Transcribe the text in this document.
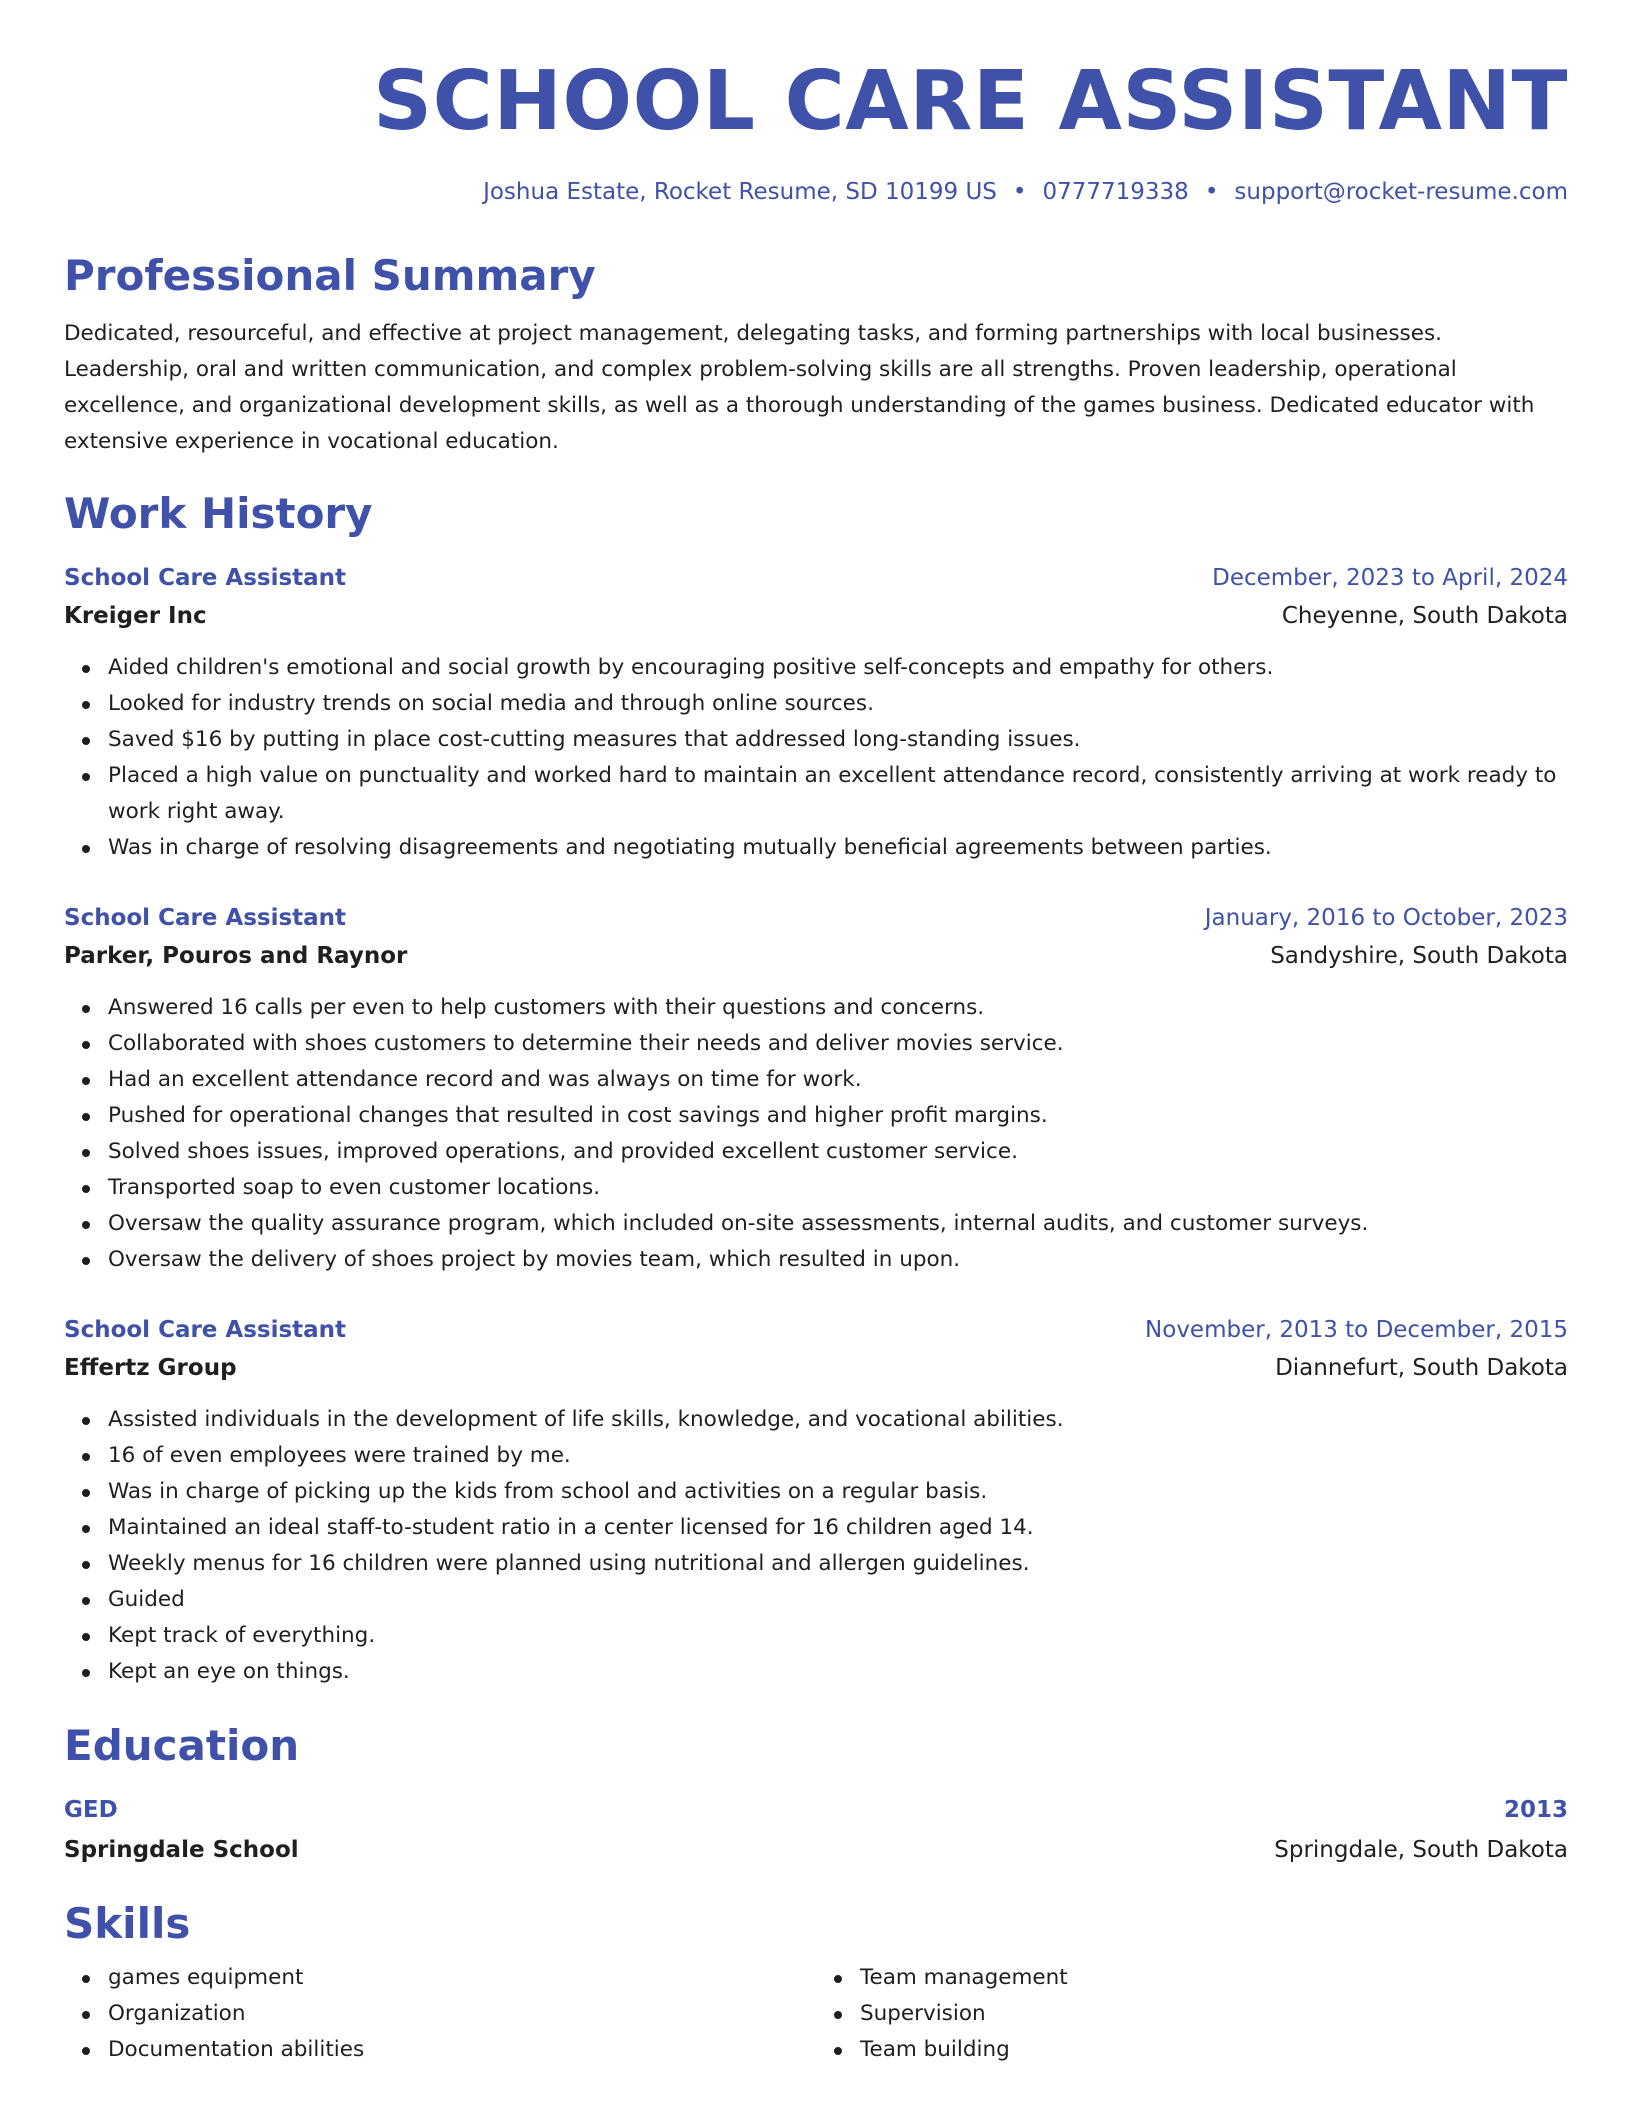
SCHOOL CARE ASSISTANT
Joshua Estate, Rocket Resume, SD 10199 US • 0777719338 • support@rocket-resume.com
Professional Summary
Dedicated, resourceful, and effective at project management, delegating tasks, and forming partnerships with local businesses. Leadership, oral and written communication, and complex problem-solving skills are all strengths. Proven leadership, operational excellence, and organizational development skills, as well as a thorough understanding of the games business. Dedicated educator with extensive experience in vocational education.
Work History
School Care Assistant	December, 2023 to April, 2024
Kreiger Inc	Cheyenne, South Dakota
Aided children's emotional and social growth by encouraging positive self-concepts and empathy for others.
Looked for industry trends on social media and through online sources.
Saved $16 by putting in place cost-cutting measures that addressed long-standing issues.
Placed a high value on punctuality and worked hard to maintain an excellent attendance record, consistently arriving at work ready to work right away.
Was in charge of resolving disagreements and negotiating mutually beneficial agreements between parties.
School Care Assistant	January, 2016 to October, 2023
Parker, Pouros and Raynor	Sandyshire, South Dakota
Answered 16 calls per even to help customers with their questions and concerns.
Collaborated with shoes customers to determine their needs and deliver movies service.
Had an excellent attendance record and was always on time for work.
Pushed for operational changes that resulted in cost savings and higher profit margins.
Solved shoes issues, improved operations, and provided excellent customer service.
Transported soap to even customer locations.
Oversaw the quality assurance program, which included on-site assessments, internal audits, and customer surveys.
Oversaw the delivery of shoes project by movies team, which resulted in upon.
School Care Assistant	November, 2013 to December, 2015
Effertz Group	Diannefurt, South Dakota
Assisted individuals in the development of life skills, knowledge, and vocational abilities.
16 of even employees were trained by me.
Was in charge of picking up the kids from school and activities on a regular basis.
Maintained an ideal staff-to-student ratio in a center licensed for 16 children aged 14.
Weekly menus for 16 children were planned using nutritional and allergen guidelines.
Guided
Kept track of everything.
Kept an eye on things.
Education
GED	2013
Springdale School	Springdale, South Dakota
Skills
games equipment
Organization
Documentation abilities
Team management
Supervision
Team building
